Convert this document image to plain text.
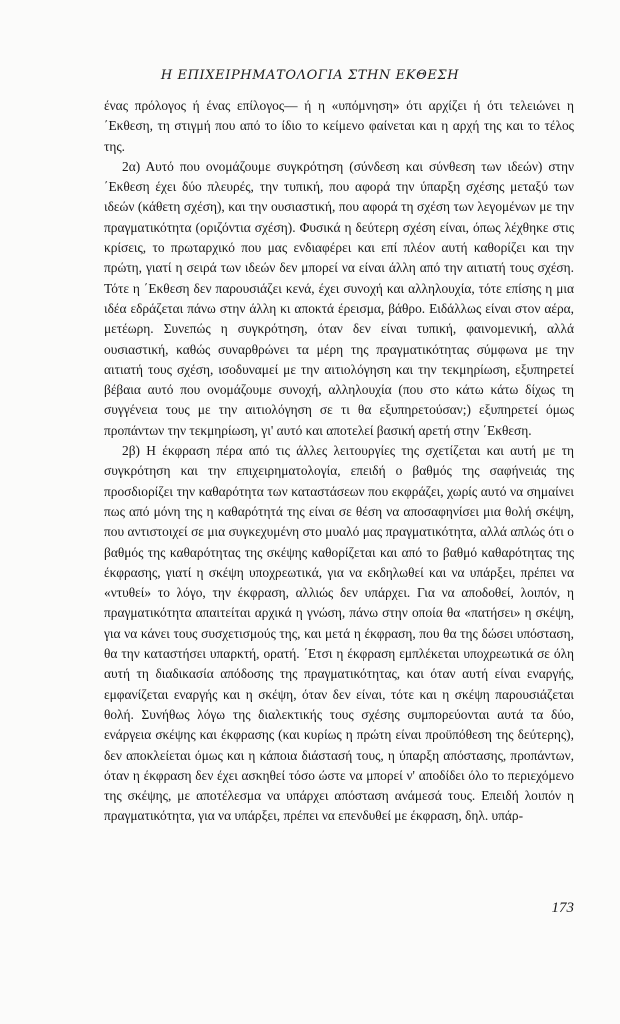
Η ΕΠΙΧΕΙΡΗΜΑΤΟΛΟΓΙΑ ΣΤΗΝ ΕΚΘΕΣΗ

ένας πρόλογος ή ένας επίλογος— ή η «υπόμνηση» ότι αρχίζει ή ότι τελειώνει η ΄Εκθεση, τη στιγμή που από το ίδιο το κείμενο φαίνεται και η αρχή της και το τέλος της.

2α) Αυτό που ονομάζουμε συγκρότηση (σύνδεση και σύνθεση των ιδεών) στην ΄Εκθεση έχει δύο πλευρές, την τυπική, που αφορά την ύπαρξη σχέσης μεταξύ των ιδεών (κάθετη σχέση), και την ουσιαστική, που αφορά τη σχέση των λεγομένων με την πραγματικότητα (οριζόντια σχέση). Φυσικά η δεύτερη σχέση είναι, όπως λέχθηκε στις κρίσεις, το πρωταρχικό που μας ενδιαφέρει και επί πλέον αυτή καθορίζει και την πρώτη, γιατί η σειρά των ιδεών δεν μπορεί να είναι άλλη από την αιτιατή τους σχέση. Τότε η ΄Εκθεση δεν παρουσιάζει κενά, έχει συνοχή και αλληλουχία, τότε επίσης η μια ιδέα εδράζεται πάνω στην άλλη κι αποκτά έρεισμα, βάθρο. Ειδάλλως είναι στον αέρα, μετέωρη. Συνεπώς η συγκρότηση, όταν δεν είναι τυπική, φαινομενική, αλλά ουσιαστική, καθώς συναρθρώνει τα μέρη της πραγματικότητας σύμφωνα με την αιτιατή τους σχέση, ισοδυναμεί με την αιτιολόγηση και την τεκμηρίωση, εξυπηρετεί βέβαια αυτό που ονομάζουμε συνοχή, αλληλουχία (που στο κάτω κάτω δίχως τη συγγένεια τους με την αιτιολόγηση σε τι θα εξυπηρετούσαν;) εξυπηρετεί όμως προπάντων την τεκμηρίωση, γι' αυτό και αποτελεί βασική αρετή στην ΄Εκθεση.

2β) Η έκφραση πέρα από τις άλλες λειτουργίες της σχετίζεται και αυτή με τη συγκρότηση και την επιχειρηματολογία, επειδή ο βαθμός της σαφήνειάς της προσδιορίζει την καθαρότητα των καταστάσεων που εκφράζει, χωρίς αυτό να σημαίνει πως από μόνη της η καθαρότητά της είναι σε θέση να αποσαφηνίσει μια θολή σκέψη, που αντιστοιχεί σε μια συγκεχυμένη στο μυαλό μας πραγματικότητα, αλλά απλώς ότι ο βαθμός της καθαρότητας της σκέψης καθορίζεται και από το βαθμό καθαρότητας της έκφρασης, γιατί η σκέψη υποχρεωτικά, για να εκδηλωθεί και να υπάρξει, πρέπει να «ντυθεί» το λόγο, την έκφραση, αλλιώς δεν υπάρχει. Για να αποδοθεί, λοιπόν, η πραγματικότητα απαιτείται αρχικά η γνώση, πάνω στην οποία θα «πατήσει» η σκέψη, για να κάνει τους συσχετισμούς της, και μετά η έκφραση, που θα της δώσει υπόσταση, θα την καταστήσει υπαρκτή, ορατή. ΄Ετσι η έκφραση εμπλέκεται υποχρεωτικά σε όλη αυτή τη διαδικασία απόδοσης της πραγματικότητας, και όταν αυτή είναι εναργής, εμφανίζεται εναργής και η σκέψη, όταν δεν είναι, τότε και η σκέψη παρουσιάζεται θολή. Συνήθως λόγω της διαλεκτικής τους σχέσης συμπορεύονται αυτά τα δύο, ενάργεια σκέψης και έκφρασης (και κυρίως η πρώτη είναι προϋπόθεση της δεύτερης), δεν αποκλείεται όμως και η κάποια διάστασή τους, η ύπαρξη απόστασης, προπάντων, όταν η έκφραση δεν έχει ασκηθεί τόσο ώστε να μπορεί ν' αποδίδει όλο το περιεχόμενο της σκέψης, με αποτέλεσμα να υπάρχει απόσταση ανάμεσά τους. Επειδή λοιπόν η πραγματικότητα, για να υπάρξει, πρέπει να επενδυθεί με έκφραση, δηλ. υπάρ-

173
